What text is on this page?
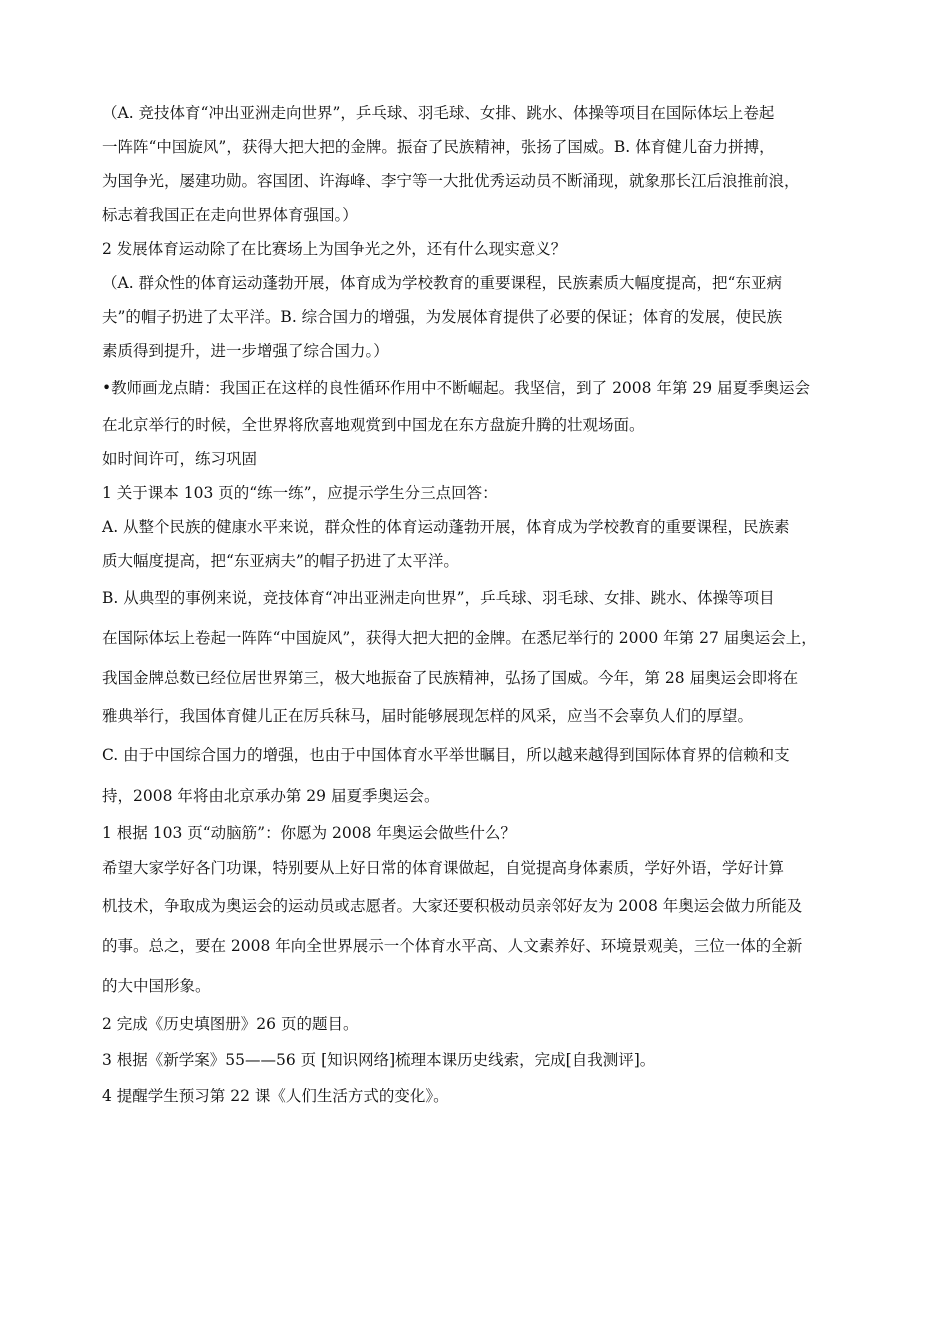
（A. 竞技体育“冲出亚洲走向世界”，乒乓球、羽毛球、女排、跳水、体操等项目在国际体坛上卷起
一阵阵“中国旋风”，获得大把大把的金牌。振奋了民族精神，张扬了国威。B. 体育健儿奋力拼搏，
为国争光，屡建功勋。容国团、许海峰、李宁等一大批优秀运动员不断涌现，就象那长江后浪推前浪，
标志着我国正在走向世界体育强国。）
2 发展体育运动除了在比赛场上为国争光之外，还有什么现实意义？
（A. 群众性的体育运动蓬勃开展，体育成为学校教育的重要课程，民族素质大幅度提高，把“东亚病
夫”的帽子扔进了太平洋。B. 综合国力的增强，为发展体育提供了必要的保证；体育的发展，使民族
素质得到提升，进一步增强了综合国力。）
•教师画龙点睛：我国正在这样的良性循环作用中不断崛起。我坚信，到了 2008 年第 29 届夏季奥运会
在北京举行的时候，全世界将欣喜地观赏到中国龙在东方盘旋升腾的壮观场面。
如时间许可，练习巩固
1 关于课本 103 页的“练一练”，应提示学生分三点回答：
A. 从整个民族的健康水平来说，群众性的体育运动蓬勃开展，体育成为学校教育的重要课程，民族素
质大幅度提高，把“东亚病夫”的帽子扔进了太平洋。
B. 从典型的事例来说，竞技体育“冲出亚洲走向世界”，乒乓球、羽毛球、女排、跳水、体操等项目
在国际体坛上卷起一阵阵“中国旋风”，获得大把大把的金牌。在悉尼举行的 2000 年第 27 届奥运会上，
我国金牌总数已经位居世界第三，极大地振奋了民族精神，弘扬了国威。今年，第 28 届奥运会即将在
雅典举行，我国体育健儿正在厉兵秣马，届时能够展现怎样的风采，应当不会辜负人们的厚望。
C. 由于中国综合国力的增强，也由于中国体育水平举世瞩目，所以越来越得到国际体育界的信赖和支
持，2008 年将由北京承办第 29 届夏季奥运会。
1 根据 103 页“动脑筋”：你愿为 2008 年奥运会做些什么？
希望大家学好各门功课，特别要从上好日常的体育课做起，自觉提高身体素质，学好外语，学好计算
机技术，争取成为奥运会的运动员或志愿者。大家还要积极动员亲邻好友为 2008 年奥运会做力所能及
的事。总之，要在 2008 年向全世界展示一个体育水平高、人文素养好、环境景观美，三位一体的全新
的大中国形象。
2 完成《历史填图册》26 页的题目。
3 根据《新学案》55——56 页 [知识网络]梳理本课历史线索，完成[自我测评]。
4 提醒学生预习第 22 课《人们生活方式的变化》。
